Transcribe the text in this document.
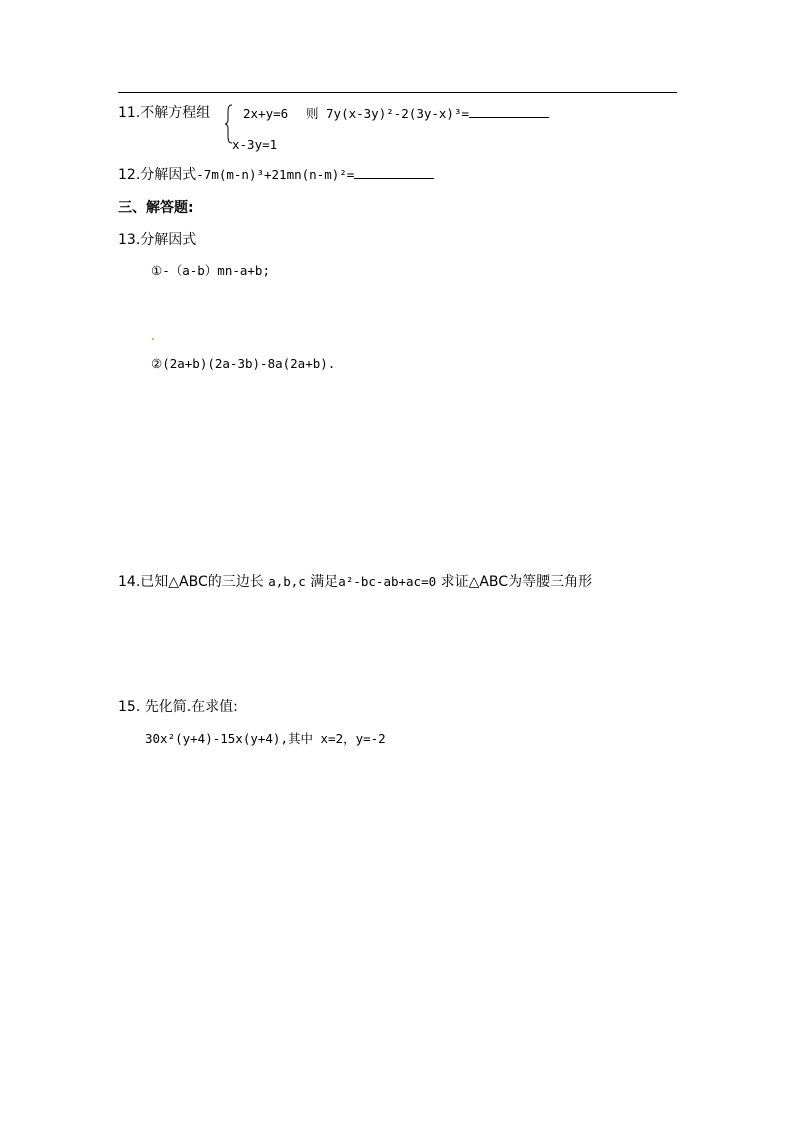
11.不解方程组	2x+y=6 则 7y(x-3y)²-2(3y-x)³=
x-3y=1
12.分解因式-7m(m-n)³+21mn(n-m)²=
三、解答题:
13.分解因式
①-（a-b）mn-a+b;
②(2a+b)(2a-3b)-8a(2a+b).
14.已知△ABC的三边长 a,b,c 满足a²-bc-ab+ac=0 求证△ABC为等腰三角形
15. 先化简.在求值:
30x²(y+4)-15x(y+4),其中 x=2，y=-2
